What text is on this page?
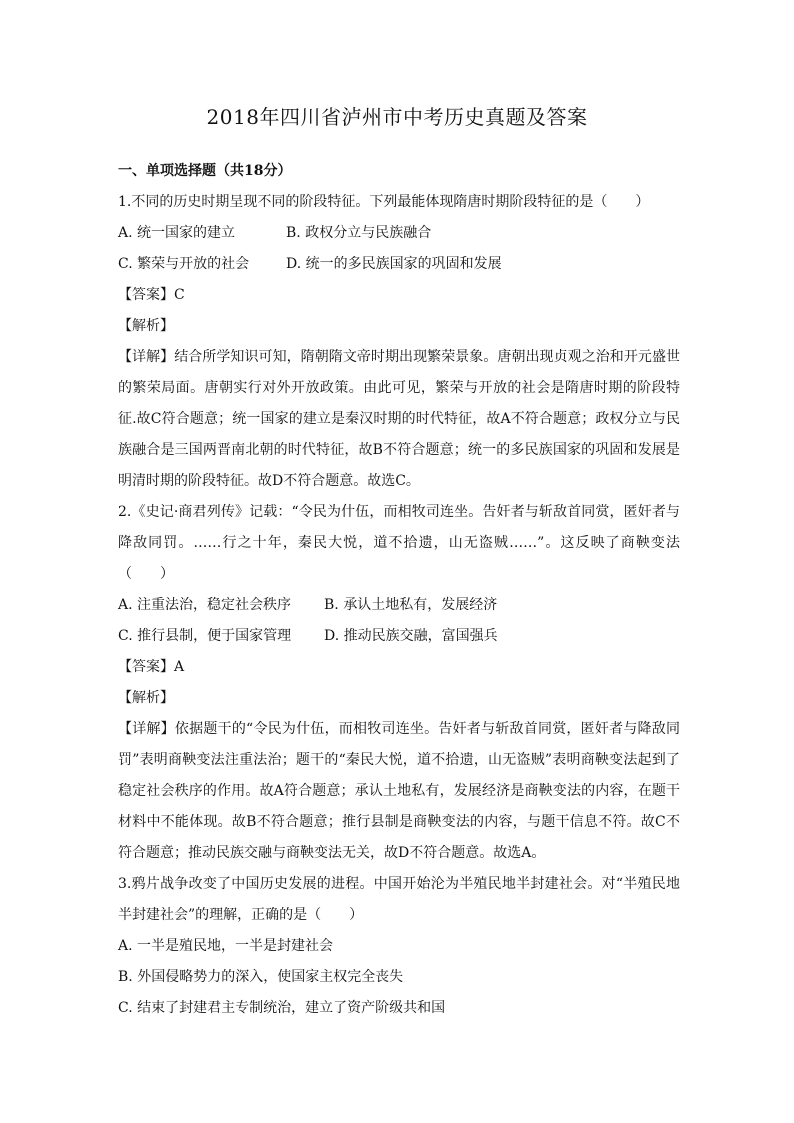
2018年四川省泸州市中考历史真题及答案
一、单项选择题（共18分）
1.不同的历史时期呈现不同的阶段特征。下列最能体现隋唐时期阶段特征的是（　　）
A. 统一国家的建立	B. 政权分立与民族融合
C. 繁荣与开放的社会	D. 统一的多民族国家的巩固和发展
【答案】C
【解析】
【详解】结合所学知识可知，隋朝隋文帝时期出现繁荣景象。唐朝出现贞观之治和开元盛世的繁荣局面。唐朝实行对外开放政策。由此可见，繁荣与开放的社会是隋唐时期的阶段特征.故C符合题意；统一国家的建立是秦汉时期的时代特征，故A不符合题意；政权分立与民族融合是三国两晋南北朝的时代特征，故B不符合题意；统一的多民族国家的巩固和发展是明清时期的阶段特征。故D不符合题意。故选C。
2.《史记·商君列传》记载：“令民为什伍，而相牧司连坐。告奸者与斩敌首同赏，匿奸者与降敌同罚。……行之十年，秦民大悦，道不拾遗，山无盗贼……”。这反映了商鞅变法（　　）
A. 注重法治，稳定社会秩序	B. 承认土地私有，发展经济
C. 推行县制，便于国家管理	D. 推动民族交融，富国强兵
【答案】A
【解析】
【详解】依据题干的“令民为什伍，而相牧司连坐。告奸者与斩敌首同赏，匿奸者与降敌同罚”表明商鞅变法注重法治；题干的“秦民大悦，道不拾遗，山无盗贼”表明商鞅变法起到了稳定社会秩序的作用。故A符合题意；承认土地私有，发展经济是商鞅变法的内容，在题干材料中不能体现。故B不符合题意；推行县制是商鞅变法的内容，与题干信息不符。故C不符合题意；推动民族交融与商鞅变法无关，故D不符合题意。故选A。
3.鸦片战争改变了中国历史发展的进程。中国开始沦为半殖民地半封建社会。对“半殖民地半封建社会”的理解，正确的是（　　）
A. 一半是殖民地，一半是封建社会
B. 外国侵略势力的深入，使国家主权完全丧失
C. 结束了封建君主专制统治，建立了资产阶级共和国
